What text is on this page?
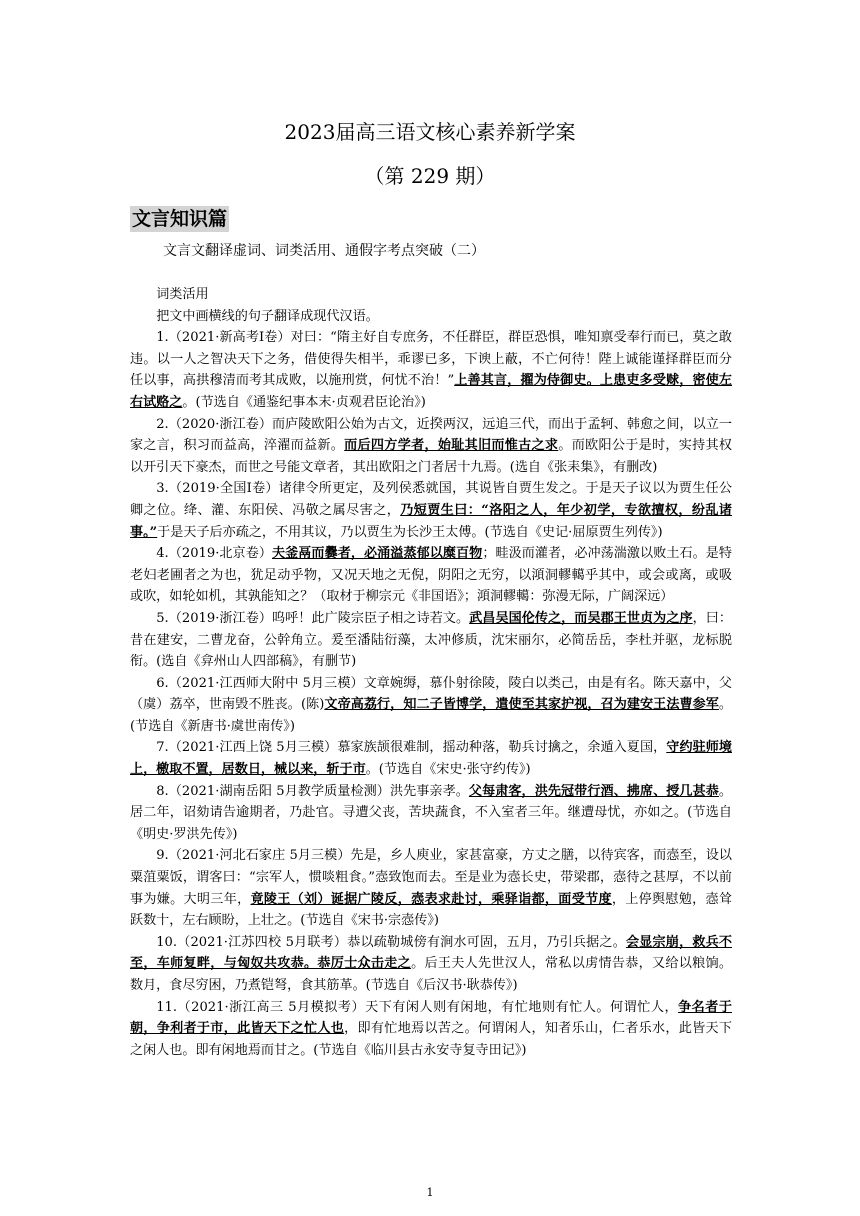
2023届高三语文核心素养新学案
（第 229 期）
文言知识篇
文言文翻译虚词、词类活用、通假字考点突破（二）

词类活用

把文中画横线的句子翻译成现代汉语。

1.（2021·新高考Ⅰ卷）对曰：“隋主好自专庶务，不任群臣，群臣恐惧，唯知禀受奉行而已，莫之敢违。以一人之智决天下之务，借使得失相半，乖谬已多，下谀上蔽，不亡何待！陛上诚能谨择群臣而分任以事，高拱穆清而考其成败，以施刑赏，何忧不治！”上善其言，擢为侍御史。上患吏多受赇，密使左右试赂之。(节选自《通鉴纪事本末·贞观君臣论治》)

2.（2020·浙江卷）而庐陵欧阳公始为古文，近揆两汉，远追三代，而出于孟轲、韩愈之间，以立一家之言，积习而益高，淬濯而益新。而后四方学者，始耻其旧而惟古之求。而欧阳公于是时，实持其权以开引天下豪杰，而世之号能文章者，其出欧阳之门者居十九焉。(选自《张耒集》，有删改)

3.（2019·全国Ⅰ卷）诸律令所更定，及列侯悉就国，其说皆自贾生发之。于是天子议以为贾生任公卿之位。绛、灌、东阳侯、冯敬之属尽害之，乃短贾生曰：“洛阳之人，年少初学，专欲擅权，纷乱诸事。”于是天子后亦疏之，不用其议，乃以贾生为长沙王太傅。(节选自《史记·屈原贾生列传》)

4.（2019·北京卷）夫釜鬲而爨者，必涌溢蒸郁以糜百物；畦汲而灌者，必冲荡湍激以败土石。是特老妇老圃者之为也，犹足动乎物，又况天地之无倪，阴阳之无穷，以澒洞轇轕乎其中，或会或离，或吸或吹，如轮如机，其孰能知之？（取材于柳宗元《非国语》；澒洞轇轕：弥漫无际，广阔深远）

5.（2019·浙江卷）呜呼！此广陵宗臣子相之诗若文。武昌吴国伦传之，而吴郡王世贞为之序，曰：昔在建安，二曹龙奋，公幹角立。爰至潘陆衍藻，太冲修质，沈宋丽尔，必简岳岳，李杜并驱，龙标脱衔。(选自《弇州山人四部稿》，有删节)

6.（2021·江西师大附中 5月三模）文章婉缛，慕仆射徐陵，陵白以类己，由是有名。陈天嘉中，父（虞）荔卒，世南毁不胜丧。(陈)文帝高荔行，知二子皆博学，遣使至其家护视，召为建安王法曹参军。(节选自《新唐书·虞世南传》)

7.（2021·江西上饶 5月三模）慕家族颉很难制，摇动种落，勒兵讨擒之，余遁入夏国，守约驻师境上，檄取不置，居数日，械以来，斩于市。(节选自《宋史·张守约传》)

8.（2021·湖南岳阳 5月教学质量检测）洪先事亲孝。父每肃客，洪先冠带行酒、拂席、授几甚恭。居二年，诏劾请告逾期者，乃赴官。寻遭父丧，苦块蔬食，不入室者三年。继遭母忧，亦如之。(节选自《明史·罗洪先传》)

9.（2021·河北石家庄 5月三模）先是，乡人庾业，家甚富豪，方丈之膳，以待宾客，而悫至，设以粟菹粟饭，谓客曰：“宗军人，惯啖粗食。”悫致饱而去。至是业为悫长史，带梁郡，悫待之甚厚，不以前事为嫌。大明三年，竟陵王（刘）诞据广陵反，悫表求赴讨，乘驿诣都，面受节度，上停舆慰勉，悫耸跃数十，左右顾盼，上壮之。(节选自《宋书·宗悫传》)

10.（2021·江苏四校 5月联考）恭以疏勒城傍有涧水可固，五月，乃引兵据之。会显宗崩，救兵不至，车师复畔，与匈奴共攻恭。恭厉士众击走之。后王夫人先世汉人，常私以虏情告恭，又给以粮饷。数月，食尽穷困，乃煮铠弩，食其筋革。(节选自《后汉书·耿恭传》)

11.（2021·浙江高三 5月模拟考）天下有闲人则有闲地，有忙地则有忙人。何谓忙人，争名者于朝，争利者于市，此皆天下之忙人也，即有忙地焉以苦之。何谓闲人，知者乐山，仁者乐水，此皆天下之闲人也。即有闲地焉而甘之。(节选自《临川县古永安寺复寺田记》)

1
